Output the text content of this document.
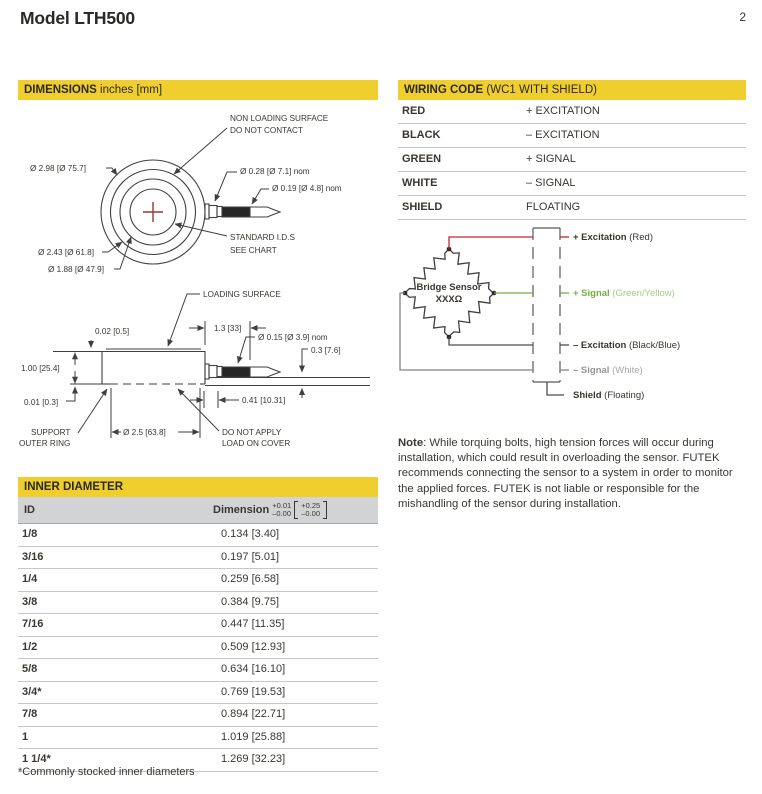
Model LTH500	2
DIMENSIONS inches [mm]
NON LOADING SURFACE
DO NOT CONTACT
Ø 2.98 [Ø 75.7]	Ø 0.28 [Ø 7.1] nom
Ø 0.19 [Ø 4.8] nom
STANDARD I.D.S
SEE CHART
Ø 2.43 [Ø 61.8]
Ø 1.88 [Ø 47.9]
LOADING SURFACE
0.02 [0.5]	1.3 [33]
Ø 0.15 [Ø 3.9] nom
0.3 [7.6]
1.00 [25.4]
0.01 [0.3]
SUPPORT
OUTER RING
Ø 2.5 [63.8]
0.41 [10.31]
DO NOT APPLY
LOAD ON COVER
INNER DIAMETER
ID	Dimension +0.01
–0.00
+0.25
–0.00
1/8	0.134 [3.40]
3/16	0.197 [5.01]
1/4	0.259 [6.58]
3/8	0.384 [9.75]
7/16	0.447 [11.35]
1/2	0.509 [12.93]
5/8	0.634 [16.10]
3/4*	0.769 [19.53]
7/8	0.894 [22.71]
1	1.019 [25.88]
1 1/4*	1.269 [32.23]
*Commonly stocked inner diameters
WIRING CODE (WC1 WITH SHIELD)
RED	+ EXCITATION
BLACK	– EXCITATION
GREEN	+ SIGNAL
WHITE	– SIGNAL
SHIELD	FLOATING
Bridge Sensor
XXXΩ
+ Excitation (Red)
+ Signal (Green/Yellow)
– Excitation (Black/Blue)
– Signal (White)
Shield (Floating)
Note: While torquing bolts, high tension forces will occur during installation, which could result in overloading the sensor. FUTEK recommends connecting the sensor to a system in order to monitor the applied forces. FUTEK is not liable or responsible for the mishandling of the sensor during installation.
